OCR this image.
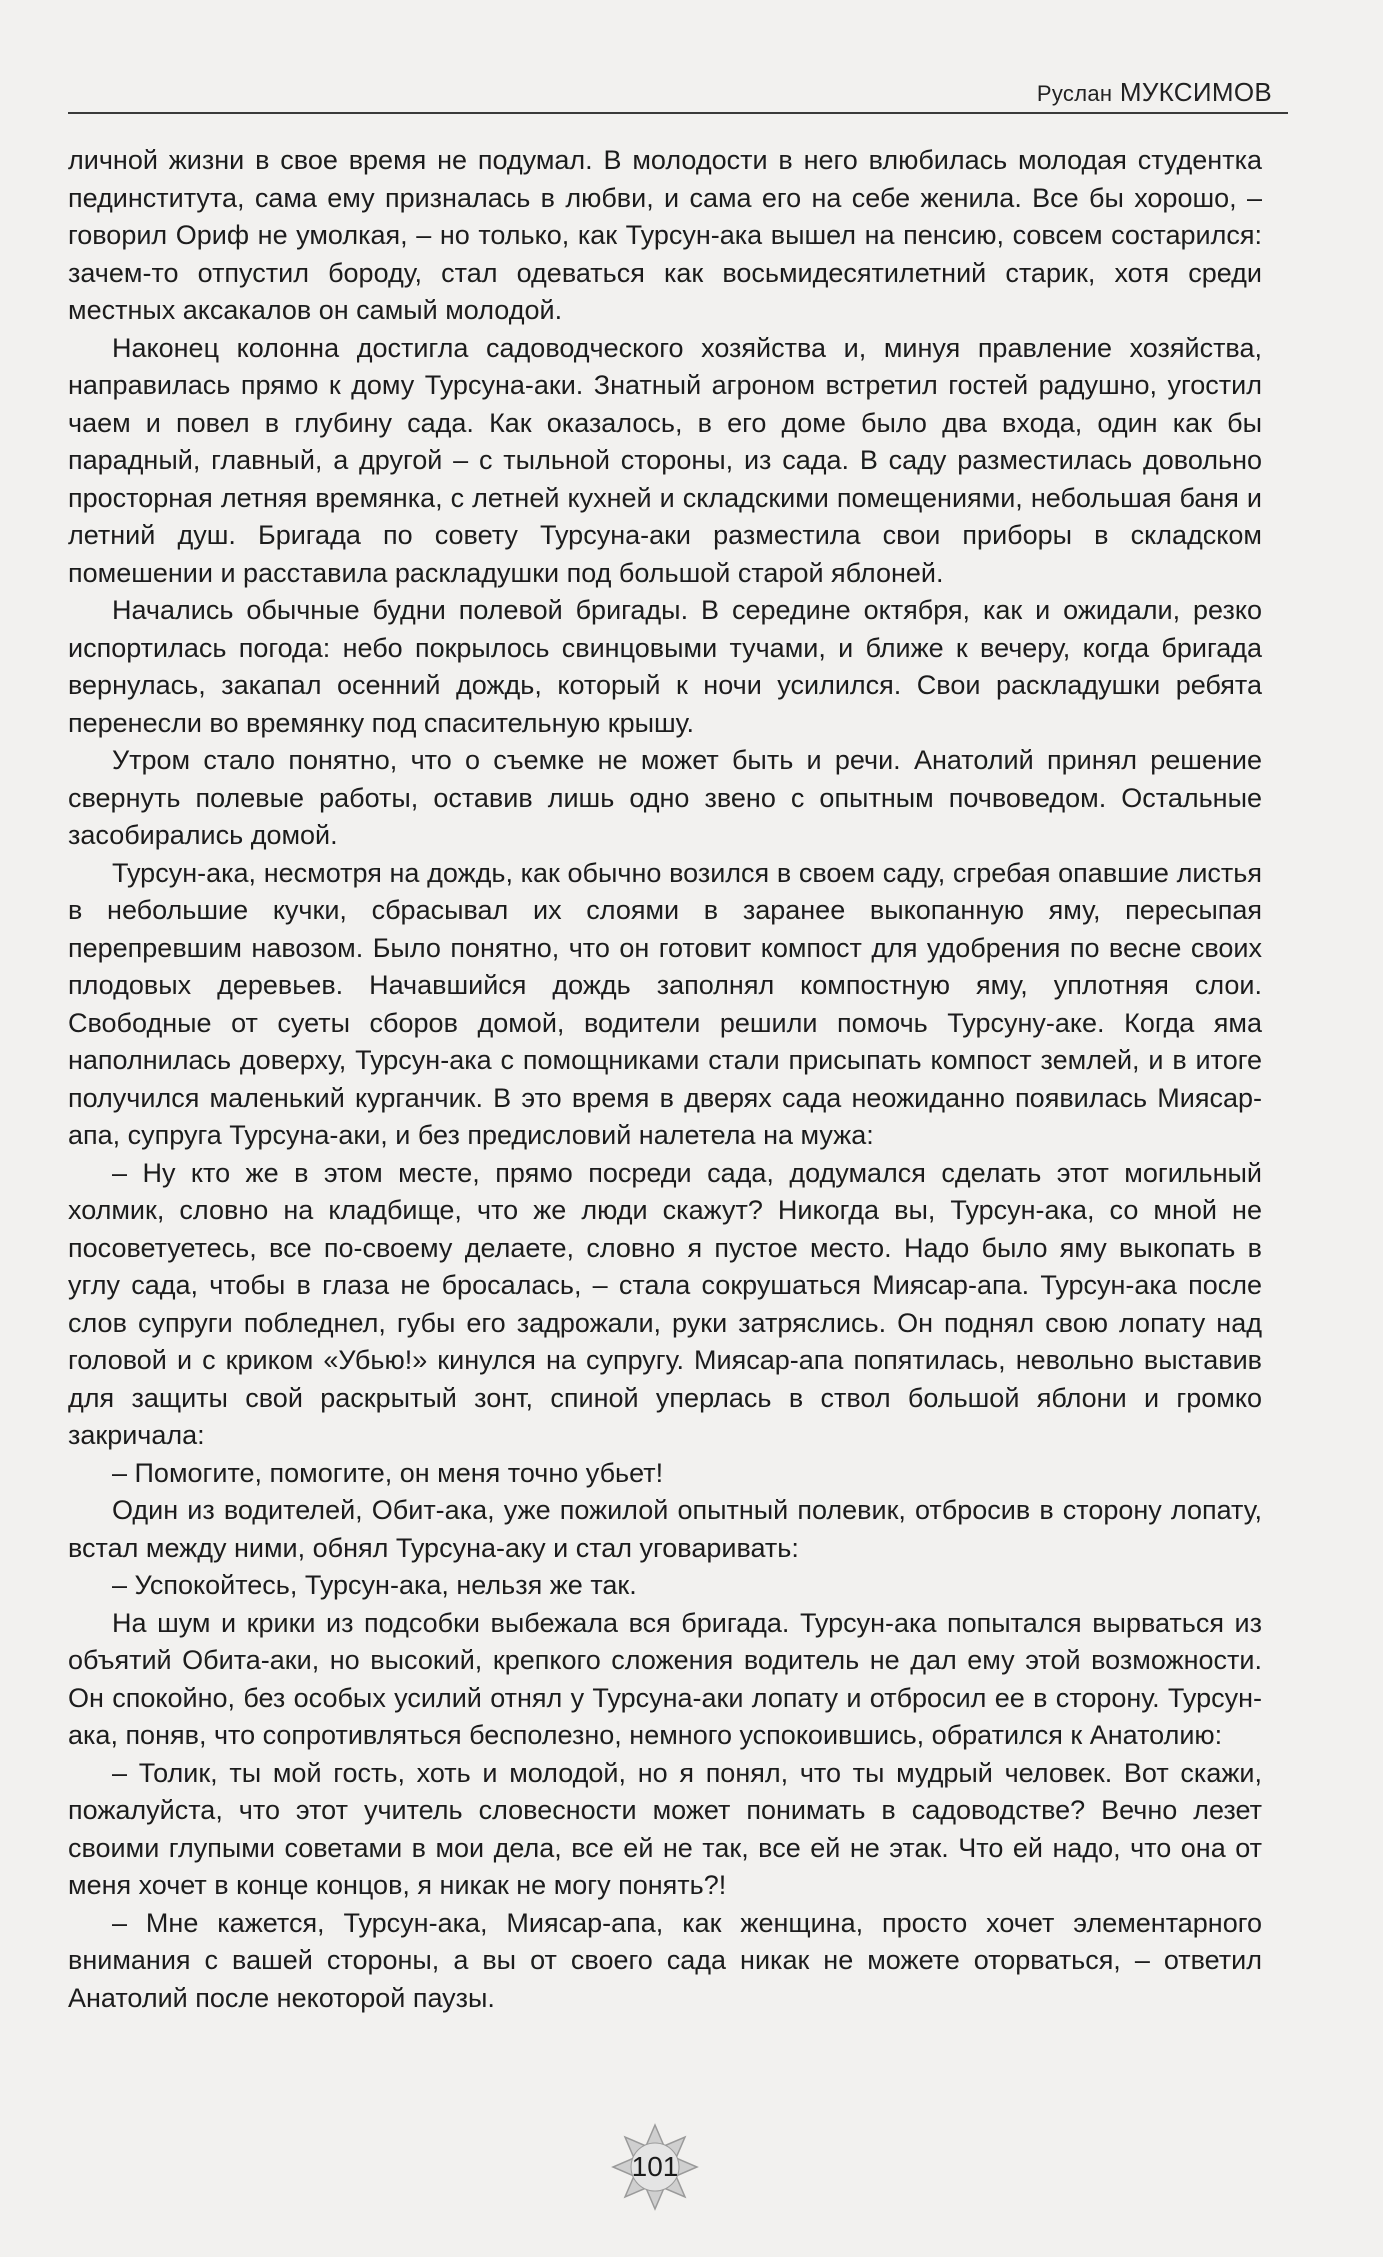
Руслан МУКСИМОВ

личной жизни в свое время не подумал. В молодости в него влюбилась молодая студентка пединститута, сама ему призналась в любви, и сама его на себе женила. Все бы хорошо, – говорил Ориф не умолкая, – но только, как Турсун-ака вышел на пенсию, совсем состарился: зачем-то отпустил бороду, стал одеваться как восьмидесятилетний старик, хотя среди местных аксакалов он самый молодой.

Наконец колонна достигла садоводческого хозяйства и, минуя правление хозяйства, направилась прямо к дому Турсуна-аки. Знатный агроном встретил гостей радушно, угостил чаем и повел в глубину сада. Как оказалось, в его доме было два входа, один как бы парадный, главный, а другой – с тыльной стороны, из сада. В саду разместилась довольно просторная летняя времянка, с летней кухней и складскими помещениями, небольшая баня и летний душ. Бригада по совету Турсуна-аки разместила свои приборы в складском помешении и расставила раскладушки под большой старой яблоней.

Начались обычные будни полевой бригады. В середине октября, как и ожидали, резко испортилась погода: небо покрылось свинцовыми тучами, и ближе к вечеру, когда бригада вернулась, закапал осенний дождь, который к ночи усилился. Свои раскладушки ребята перенесли во времянку под спасительную крышу.

Утром стало понятно, что о съемке не может быть и речи. Анатолий принял решение свернуть полевые работы, оставив лишь одно звено с опытным почвоведом. Остальные засобирались домой.

Турсун-ака, несмотря на дождь, как обычно возился в своем саду, сгребая опавшие листья в небольшие кучки, сбрасывал их слоями в заранее выкопанную яму, пересыпая перепревшим навозом. Было понятно, что он готовит компост для удобрения по весне своих плодовых деревьев. Начавшийся дождь заполнял компостную яму, уплотняя слои. Свободные от суеты сборов домой, водители решили помочь Турсуну-аке. Когда яма наполнилась доверху, Турсун-ака с помощниками стали присыпать компост землей, и в итоге получился маленький курганчик. В это время в дверях сада неожиданно появилась Миясар-апа, супруга Турсуна-аки, и без предисловий налетела на мужа:

– Ну кто же в этом месте, прямо посреди сада, додумался сделать этот могильный холмик, словно на кладбище, что же люди скажут? Никогда вы, Турсун-ака, со мной не посоветуетесь, все по-своему делаете, словно я пустое место. Надо было яму выкопать в углу сада, чтобы в глаза не бросалась, – стала сокрушаться Миясар-апа. Турсун-ака после слов супруги побледнел, губы его задрожали, руки затряслись. Он поднял свою лопату над головой и с криком «Убью!» кинулся на супругу. Миясар-апа попятилась, невольно выставив для защиты свой раскрытый зонт, спиной уперлась в ствол большой яблони и громко закричала:

– Помогите, помогите, он меня точно убьет!

Один из водителей, Обит-ака, уже пожилой опытный полевик, отбросив в сторону лопату, встал между ними, обнял Турсуна-аку и стал уговаривать:

– Успокойтесь, Турсун-ака, нельзя же так.

На шум и крики из подсобки выбежала вся бригада. Турсун-ака попытался вырваться из объятий Обита-аки, но высокий, крепкого сложения водитель не дал ему этой возможности. Он спокойно, без особых усилий отнял у Турсуна-аки лопату и отбросил ее в сторону. Турсун-ака, поняв, что сопротивляться бесполезно, немного успокоившись, обратился к Анатолию:

– Толик, ты мой гость, хоть и молодой, но я понял, что ты мудрый человек. Вот скажи, пожалуйста, что этот учитель словесности может понимать в садоводстве? Вечно лезет своими глупыми советами в мои дела, все ей не так, все ей не этак. Что ей надо, что она от меня хочет в конце концов, я никак не могу понять?!

– Мне кажется, Турсун-ака, Миясар-апа, как женщина, просто хочет элементарного внимания с вашей стороны, а вы от своего сада никак не можете оторваться, – ответил Анатолий после некоторой паузы.

101
